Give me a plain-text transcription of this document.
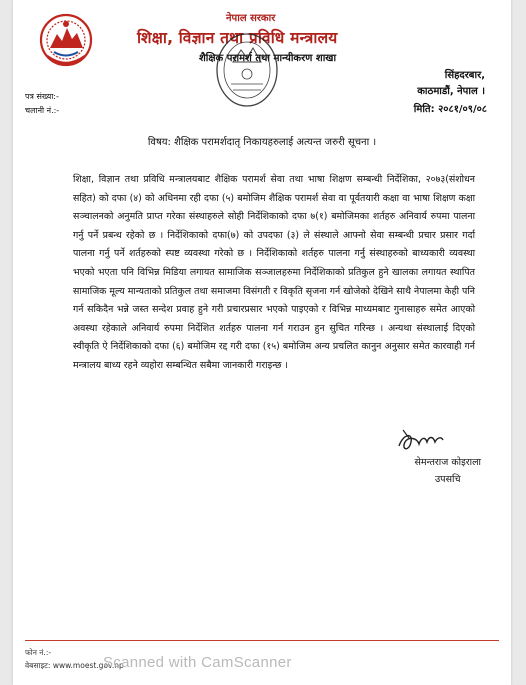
नेपाल सरकार
शिक्षा, विज्ञान तथा प्रविधि मन्त्रालय
शैक्षिक परामर्श तथा मान्यीकरण शाखा
सिंहदरबार,
काठमाडौं, नेपाल ।
पत्र संख्या:-
चलानी नं.:-	मिति: २०८१/०९/०८
विषय: शैक्षिक परामर्शदातृ निकायहरुलाई अत्यन्त जरुरी सूचना ।

शिक्षा, विज्ञान तथा प्रविधि मन्त्रालयबाट शैक्षिक परामर्श सेवा तथा भाषा शिक्षण सम्बन्धी निर्देशिका, २०७३(संशोधन सहित) को दफा (४) को अधिनमा रही दफा (५) बमोजिम शैक्षिक परामर्श सेवा वा पूर्वतयारी कक्षा वा भाषा शिक्षण कक्षा सञ्चालनको अनुमति प्राप्त गरेका संस्थाहरुले सोही निर्देशिकाको दफा ७(१) बमोजिमका शर्तहरु अनिवार्य रुपमा पालना गर्नु पर्ने प्रबन्ध रहेको छ । निर्देशिकाको दफा(७) को उपदफा (३) ले संस्थाले आफ्नो सेवा सम्बन्धी प्रचार प्रसार गर्दा पालना गर्नु पर्ने शर्तहरुको स्पष्ट व्यवस्था गरेको छ । निर्देशिकाको शर्तहरु पालना गर्नु संस्थाहरुको बाध्यकारी व्यवस्था भएको भएता पनि विभिन्न मिडिया लगायत सामाजिक सञ्जालहरुमा निर्देशिकाको प्रतिकुल हुने खालका लगायत स्थापित सामाजिक मूल्य मान्यताको प्रतिकुल तथा समाजमा विसंगती र विकृति सृजना गर्न खोजेको देखिने साथै नेपालमा केही पनि गर्न सकिदैन भन्ने जस्त सन्देश प्रवाह हुने गरी प्रचारप्रसार भएको पाइएको र विभिन्न माध्यमबाट गुनासाहरु समेत आएको अवस्था रहेकाले अनिवार्य रुपमा निर्देशित शर्तहरु पालना गर्न गराउन हुन सुचित गरिन्छ । अन्यथा संस्थालाई दिएको स्वीकृति ऐ निर्देशिकाको दफा (६) बमोजिम रद्द गरी दफा (१५) बमोजिम अन्य प्रचलित कानुन अनुसार समेत कारवाही गर्न मन्त्रालय बाध्य रहने व्यहोरा सम्बन्धित सबैमा जानकारी गराइन्छ ।

सेमन्तराज कोइराला
उपसचि
फोन नं.:-
वेबसाइट: www.moest.gov.np
Scanned with CamScanner
